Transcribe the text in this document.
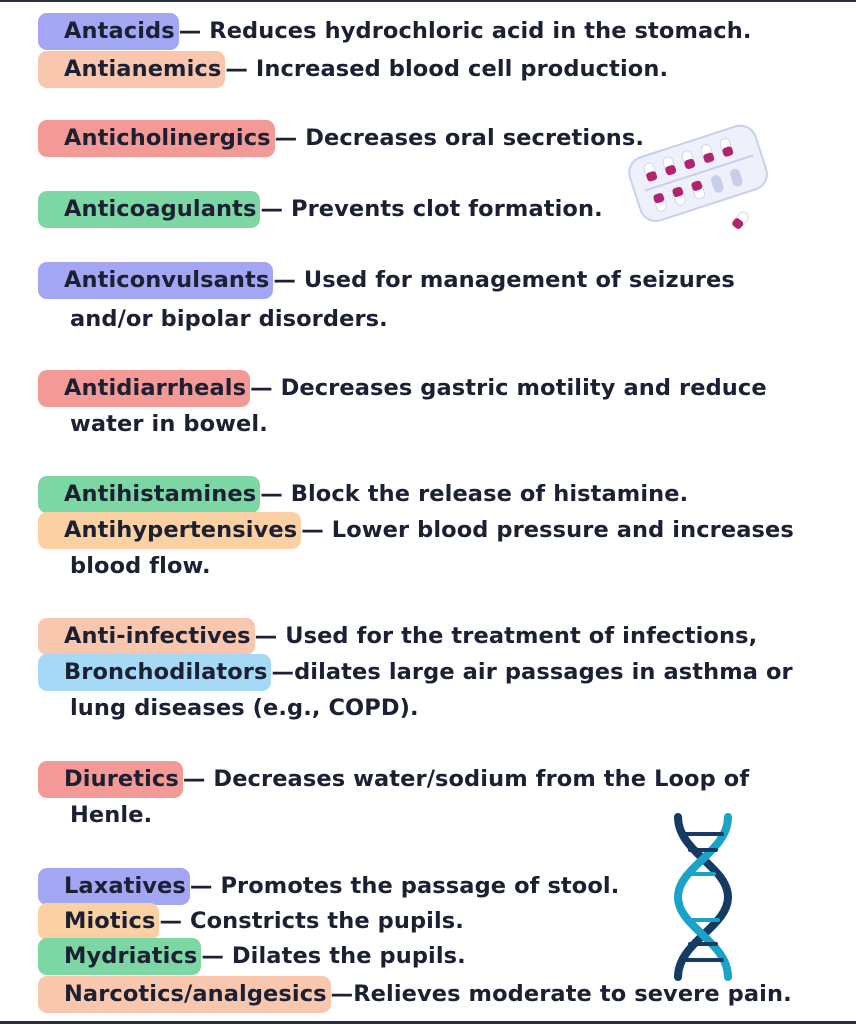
Antacids — Reduces hydrochloric acid in the stomach.
Antianemics — Increased blood cell production.
Anticholinergics — Decreases oral secretions.
Anticoagulants — Prevents clot formation.
Anticonvulsants — Used for management of seizures
and/or bipolar disorders.
Antidiarrheals — Decreases gastric motility and reduce
water in bowel.
Antihistamines — Block the release of histamine.
Antihypertensives — Lower blood pressure and increases
blood flow.
Anti-infectives — Used for the treatment of infections,
Bronchodilators —dilates large air passages in asthma or
lung diseases (e.g., COPD).
Diuretics — Decreases water/sodium from the Loop of
Henle.
Laxatives — Promotes the passage of stool.
Miotics — Constricts the pupils.
Mydriatics — Dilates the pupils.
Narcotics/analgesics —Relieves moderate to severe pain.
